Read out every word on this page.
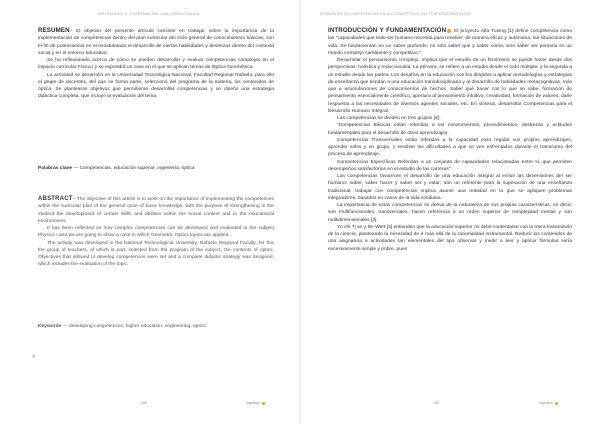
MIRI SALINEN, E. GUSERMAN INS. CHA UORNOV SALIGA

RESUMEN– El objetivo del presente artículo consiste en trabajar sobre la importancia de la implementación de competencias dentro del plan curricular del ciclo general de conocimientos básicos, con el fin de potencializar en el estudiantado el desarrollo de ciertas habilidades y destrezas dentro del contexto social y en el entorno educativo.

Se ha reflexionado acerca de cómo se pueden desarrollar y evaluar competencias complejas en el espacio curricular Física I y se expondrá un caso en el que se aplican temas de Óptica Geométrica.

La actividad se desarrolló en la Universidad Tecnológica Nacional, Facultad Regional Rafaela, para ello el grupo de docentes, del que se forma parte, seleccionó del programa de la materia, los contenidos de óptica. Se plantearon objetivos que permitieran desarrollar competencias y se diseñó una estrategia didáctica completa, que incluye la evaluación del tema.

Palabras clave — Competencias, educación superior, ingeniería, óptica

ABSTRACT– The objective of this article is to work on the importance of implementing the competences within the curricular plan of the general cycle of basic knowledge, with the purpose of strengthening in the student the development of certain skills and abilities within the social context and in the educational environment.

It has been reflected on how complex competencies can be developed and evaluated in the subject Physics I and we are going to show a case in which Geometric Optics topics are applied.

The activity was developed in the National Technological University, Rafaela Regional Faculty, for this the group of teachers, of which is part, selected from the program of the subject, the contents of optics. Objectives that allowed to develop competences were set and a complete didactic strategy was designed, which includes the evaluation of the topic.

Keywords — developing competences, higher education, engineering, optics

»
156	Ingenium
ESTRATEGIA DE COMPETENCIAS EN UN CONCEPTO DE LAS TEMPERATURAS ALTAS

INTRODUCCIÓN Y FUNDAMENTACIÓN El proyecto Alfa Tuning [1] define competencia como las "capacidades que todo ser humano necesita para resolver, de manera eficaz y autónoma, las situaciones de vida. Se fundamentan en un saber profundo, no sólo saber qué y saber cómo, sino saber ser persona en un mundo complejo cambiante y competitivo."

Desarrollar el pensamiento complejo, implica que el estudio de un fenómeno se puede hacer desde dos perspectivas: holística y reduccionista. La primera, se refiere a un estudio desde el todo múltiple, y la segunda a un estudio desde las partes. Los desafíos en la educación son los dirigidos a aplicar metodologías y estrategias de enseñanza que tiendan a una educación transdisciplinaria y al desarrollo de habilidades metacognitivas, más que a acumulaciones de conocimientos de hechos. Saber qué hacer con lo que se sabe, formación de pensamiento esencialmente científico, apertura al pensamiento intuitivo, creatividad, formación de valores, darle respuesta a las necesidades de diversos agentes sociales, etc. En síntesis, desarrollar Competencias para el Desarrollo Humano Integral.

Las competencias se dividen en tres grupos [2]:

"Competencias Básicas están referidas a los conocimientos, procedimientos, destrezas y actitudes fundamentales para el desarrollo de otros aprendizajes.

Competencias Transversales están referidas a la capacidad para regular sus propios aprendizajes, aprender solos y en grupo, y resolver las dificultades a que se ven enfrentados durante el transcurso del proceso de aprendizaje.

Competencias Específicas Referidas a un conjunto de capacidades relacionadas entre sí, que permiten desempeños satisfactorios en el estudio de las carreras"

Las competencias favorecen el desarrollo de una educación integral al incluir las dimensiones del ser humano: saber, saber hacer y saber ser y estar; son un referente para la superación de una enseñanza tradicional, trabajar con competencias implica asumir una realidad en la que se apliquen problemas integradores, basados en casos de la vida cotidiana.

La importancia de estas competencias se deriva de la naturaleza de sus propias características, es decir: son multifuncionales, transversales, hacen referencia a un orden superior de complejidad mental y son multidimensionales [3].

Yu chi Tj se y De Wert [4] entienden que la educación superior no debe contentarse con la mera transmisión de la ciencia, planteando la necesidad de ir más allá de la racionalidad instrumental. Reducir los contenidos de una asignatura a actividades tan elementales del tipo observar y medir o leer y aplicar fórmulas sería excesivamente simple y pobre, pues

157	Ingenium
